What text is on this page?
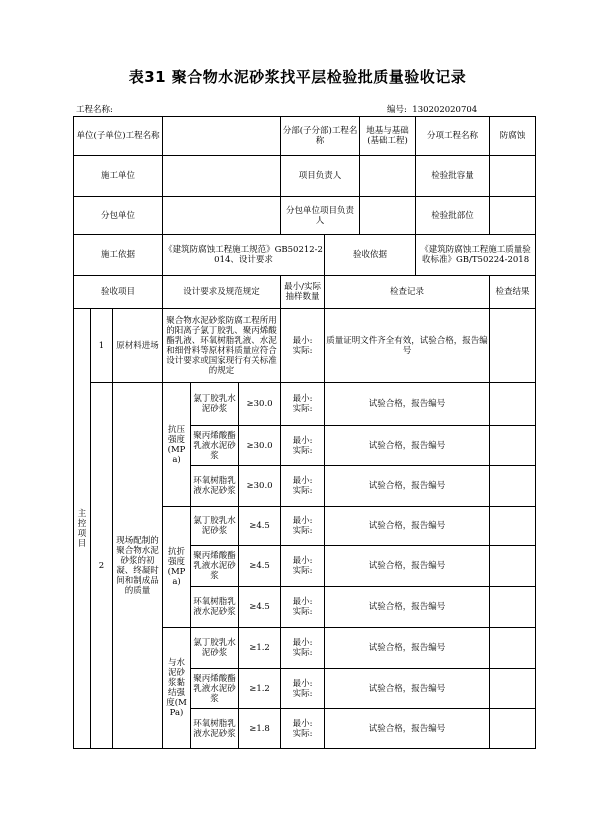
表31 聚合物水泥砂浆找平层检验批质量验收记录
工程名称:	编号: 130202020704
单位(子单位)工程名称						分部(子分部)工程名称		地基与基础(基础工程)	分项工程名称	防腐蚀
施工单位						项目负责人			检验批容量	
分包单位						分包单位项目负责人			检验批部位	
施工依据			《建筑防腐蚀工程施工规范》GB50212-2014、设计要求				验收依据		《建筑防腐蚀工程施工质量验收标准》GB/T50224-2018	
验收项目			设计要求及规范规定			最小/实际抽样数量	检查记录			检查结果
主控项目	1	原材料进场	聚合物水泥砂浆防腐工程所用的阳离子氯丁胶乳、聚丙烯酸酯乳液、环氧树脂乳液、水泥和细骨料等原材料质量应符合设计要求或国家现行有关标准的规定			最小:
实际:	质量证明文件齐全有效，试验合格，报告编号			
	2	现场配制的聚合物水泥砂浆的初凝、终凝时间和制成品的质量	抗压强度(MPa)	氯丁胶乳水泥砂浆	≥30.0	最小:
实际:	试验合格，报告编号			
				聚丙烯酸酯乳液水泥砂浆	≥30.0	最小:
实际:	试验合格，报告编号			
				环氧树脂乳液水泥砂浆	≥30.0	最小:
实际:	试验合格，报告编号			
			抗折强度(MPa)	氯丁胶乳水泥砂浆	≥4.5	最小:
实际:	试验合格，报告编号			
				聚丙烯酸酯乳液水泥砂浆	≥4.5	最小:
实际:	试验合格，报告编号			
				环氧树脂乳液水泥砂浆	≥4.5	最小:
实际:	试验合格，报告编号			
			与水泥砂浆黏结强度(MPa)	氯丁胶乳水泥砂浆	≥1.2	最小:
实际:	试验合格，报告编号			
				聚丙烯酸酯乳液水泥砂浆	≥1.2	最小:
实际:	试验合格，报告编号			
				环氧树脂乳液水泥砂浆	≥1.8	最小:
实际:	试验合格，报告编号			
